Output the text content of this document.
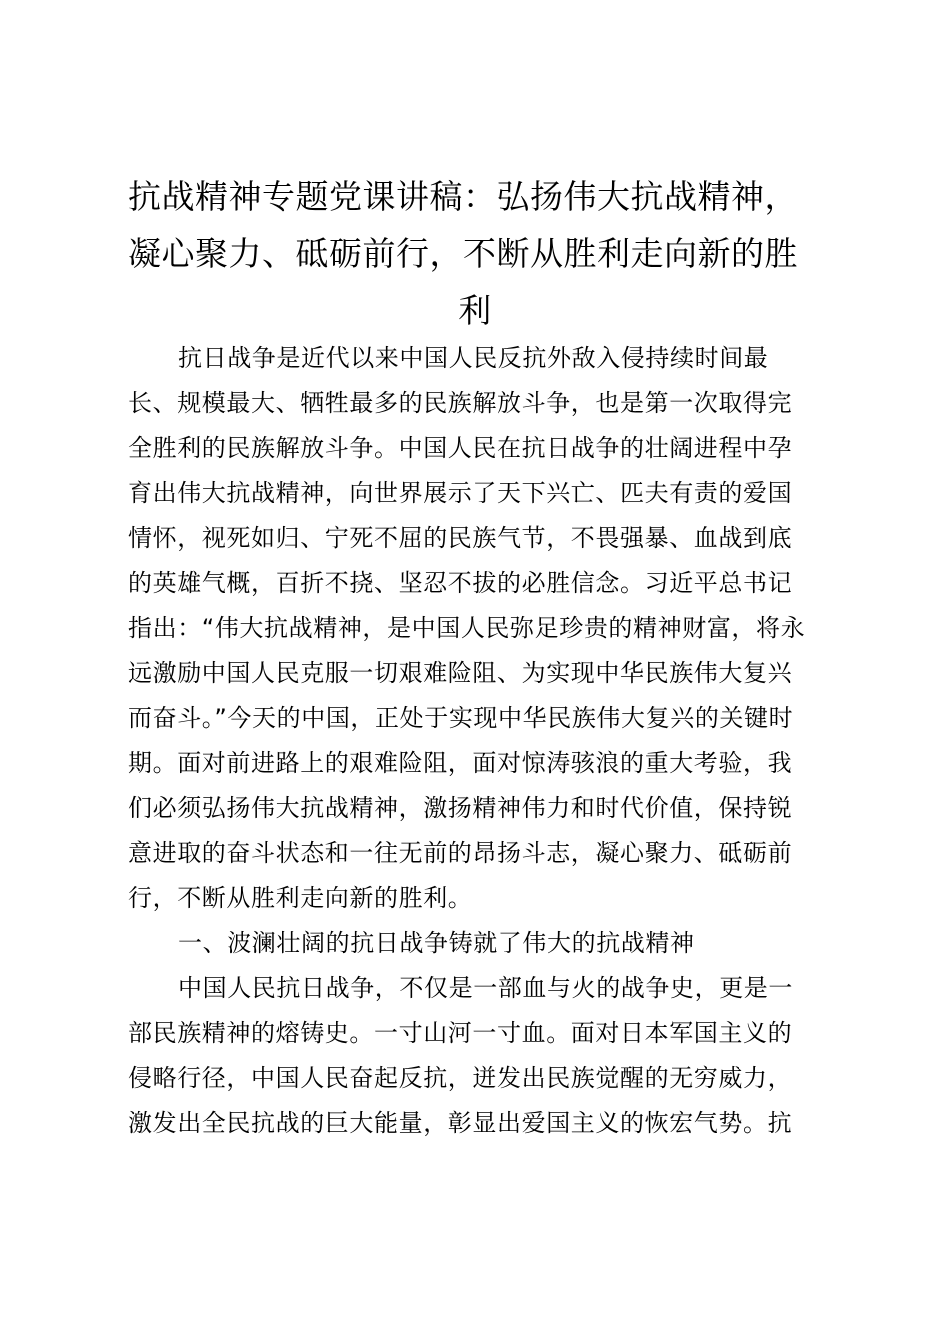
抗战精神专题党课讲稿：弘扬伟大抗战精神，
凝心聚力、砥砺前行，不断从胜利走向新的胜
利
抗日战争是近代以来中国人民反抗外敌入侵持续时间最
长、规模最大、牺牲最多的民族解放斗争，也是第一次取得完
全胜利的民族解放斗争。中国人民在抗日战争的壮阔进程中孕
育出伟大抗战精神，向世界展示了天下兴亡、匹夫有责的爱国
情怀，视死如归、宁死不屈的民族气节，不畏强暴、血战到底
的英雄气概，百折不挠、坚忍不拔的必胜信念。习近平总书记
指出：“伟大抗战精神，是中国人民弥足珍贵的精神财富，将永
远激励中国人民克服一切艰难险阻、为实现中华民族伟大复兴
而奋斗。”今天的中国，正处于实现中华民族伟大复兴的关键时
期。面对前进路上的艰难险阻，面对惊涛骇浪的重大考验，我
们必须弘扬伟大抗战精神，激扬精神伟力和时代价值，保持锐
意进取的奋斗状态和一往无前的昂扬斗志，凝心聚力、砥砺前
行，不断从胜利走向新的胜利。
一、波澜壮阔的抗日战争铸就了伟大的抗战精神
中国人民抗日战争，不仅是一部血与火的战争史，更是一
部民族精神的熔铸史。一寸山河一寸血。面对日本军国主义的
侵略行径，中国人民奋起反抗，迸发出民族觉醒的无穷威力，
激发出全民抗战的巨大能量，彰显出爱国主义的恢宏气势。抗
